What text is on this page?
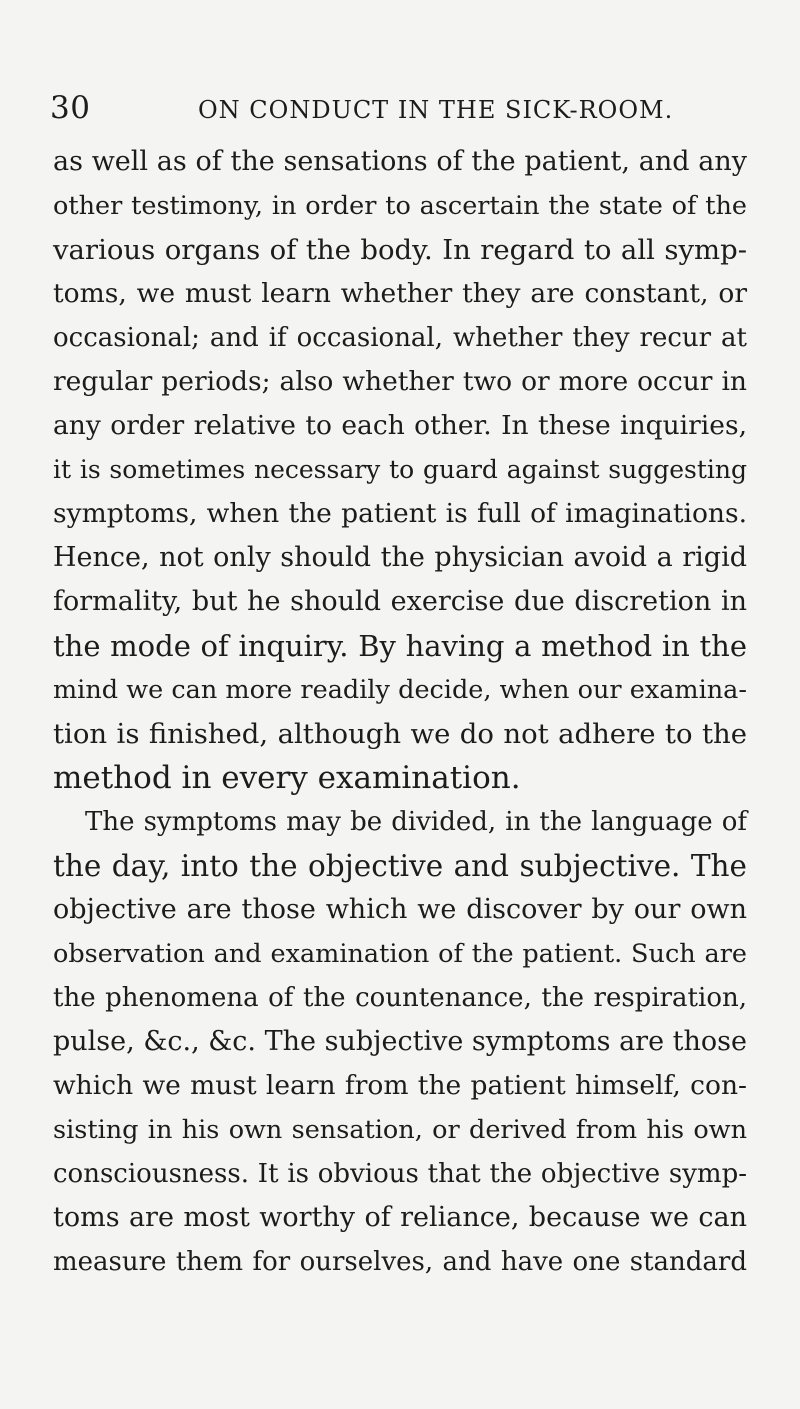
30	ON CONDUCT IN THE SICK-ROOM.
as well as of the sensations of the patient, and any
other testimony, in order to ascertain the state of the
various organs of the body. In regard to all symp-
toms, we must learn whether they are constant, or
occasional; and if occasional, whether they recur at
regular periods; also whether two or more occur in
any order relative to each other. In these inquiries,
it is sometimes necessary to guard against suggesting
symptoms, when the patient is full of imaginations.
Hence, not only should the physician avoid a rigid
formality, but he should exercise due discretion in
the mode of inquiry. By having a method in the
mind we can more readily decide, when our examina-
tion is finished, although we do not adhere to the
method in every examination.
The symptoms may be divided, in the language of
the day, into the objective and subjective. The
objective are those which we discover by our own
observation and examination of the patient. Such are
the phenomena of the countenance, the respiration,
pulse, &c., &c. The subjective symptoms are those
which we must learn from the patient himself, con-
sisting in his own sensation, or derived from his own
consciousness. It is obvious that the objective symp-
toms are most worthy of reliance, because we can
measure them for ourselves, and have one standard
